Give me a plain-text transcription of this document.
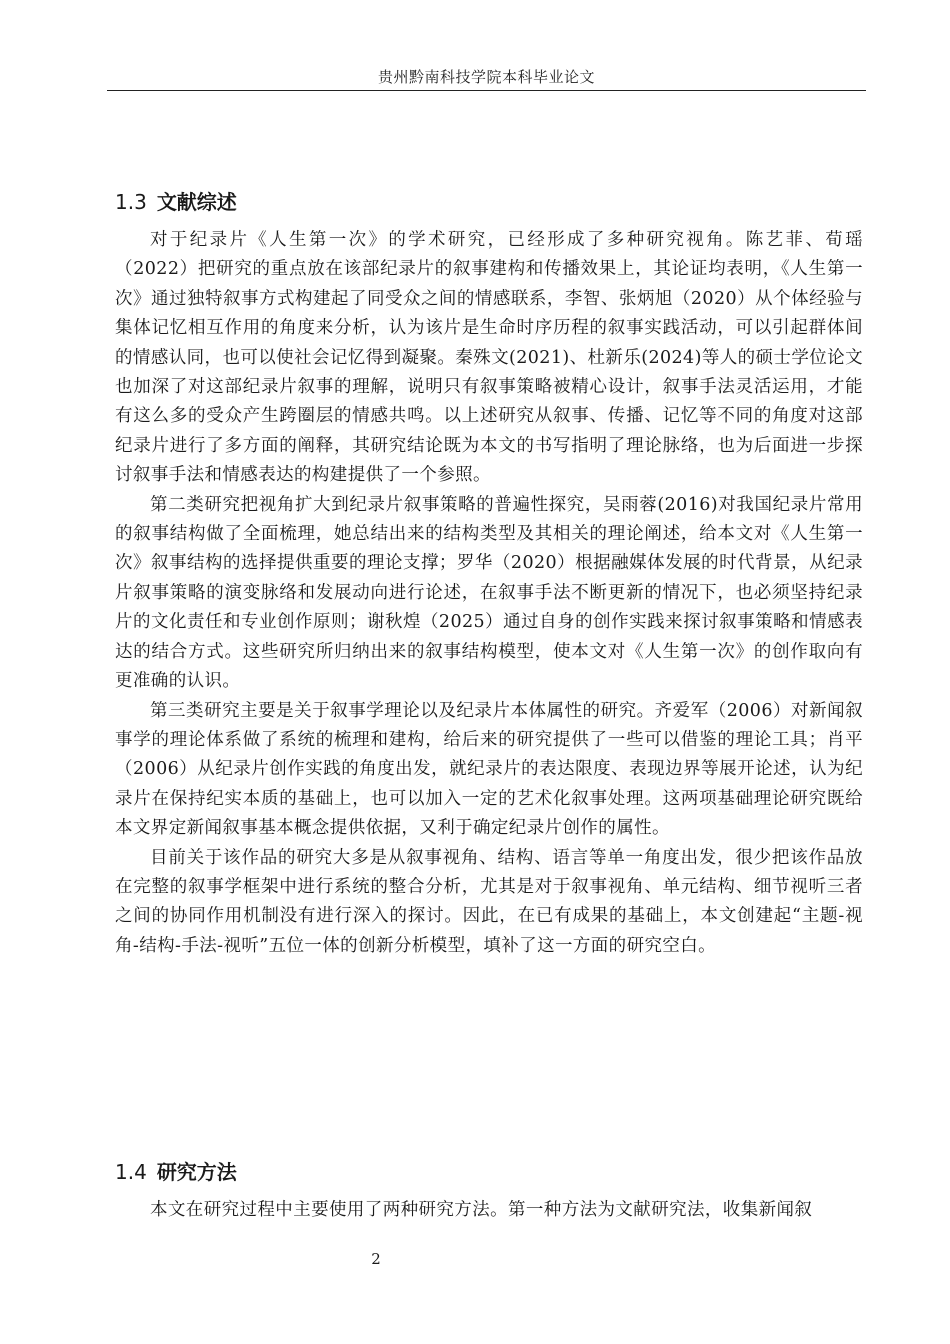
贵州黔南科技学院本科毕业论文
1.3 文献综述

对于纪录片《人生第一次》的学术研究，已经形成了多种研究视角。陈艺菲、荀瑶（2022）把研究的重点放在该部纪录片的叙事建构和传播效果上，其论证均表明，《人生第一次》通过独特叙事方式构建起了同受众之间的情感联系，李智、张炳旭（2020）从个体经验与集体记忆相互作用的角度来分析，认为该片是生命时序历程的叙事实践活动，可以引起群体间的情感认同，也可以使社会记忆得到凝聚。秦殊文(2021)、杜新乐(2024)等人的硕士学位论文也加深了对这部纪录片叙事的理解，说明只有叙事策略被精心设计，叙事手法灵活运用，才能有这么多的受众产生跨圈层的情感共鸣。以上述研究从叙事、传播、记忆等不同的角度对这部纪录片进行了多方面的阐释，其研究结论既为本文的书写指明了理论脉络，也为后面进一步探讨叙事手法和情感表达的构建提供了一个参照。

第二类研究把视角扩大到纪录片叙事策略的普遍性探究，吴雨蓉(2016)对我国纪录片常用的叙事结构做了全面梳理，她总结出来的结构类型及其相关的理论阐述，给本文对《人生第一次》叙事结构的选择提供重要的理论支撑；罗华（2020）根据融媒体发展的时代背景，从纪录片叙事策略的演变脉络和发展动向进行论述，在叙事手法不断更新的情况下，也必须坚持纪录片的文化责任和专业创作原则；谢秋煌（2025）通过自身的创作实践来探讨叙事策略和情感表达的结合方式。这些研究所归纳出来的叙事结构模型，使本文对《人生第一次》的创作取向有更准确的认识。

第三类研究主要是关于叙事学理论以及纪录片本体属性的研究。齐爱军（2006）对新闻叙事学的理论体系做了系统的梳理和建构，给后来的研究提供了一些可以借鉴的理论工具；肖平（2006）从纪录片创作实践的角度出发，就纪录片的表达限度、表现边界等展开论述，认为纪录片在保持纪实本质的基础上，也可以加入一定的艺术化叙事处理。这两项基础理论研究既给本文界定新闻叙事基本概念提供依据，又利于确定纪录片创作的属性。

目前关于该作品的研究大多是从叙事视角、结构、语言等单一角度出发，很少把该作品放在完整的叙事学框架中进行系统的整合分析，尤其是对于叙事视角、单元结构、细节视听三者之间的协同作用机制没有进行深入的探讨。因此，在已有成果的基础上，本文创建起“主题-视角-结构-手法-视听”五位一体的创新分析模型，填补了这一方面的研究空白。

1.4 研究方法

本文在研究过程中主要使用了两种研究方法。第一种方法为文献研究法，收集新闻叙

2
